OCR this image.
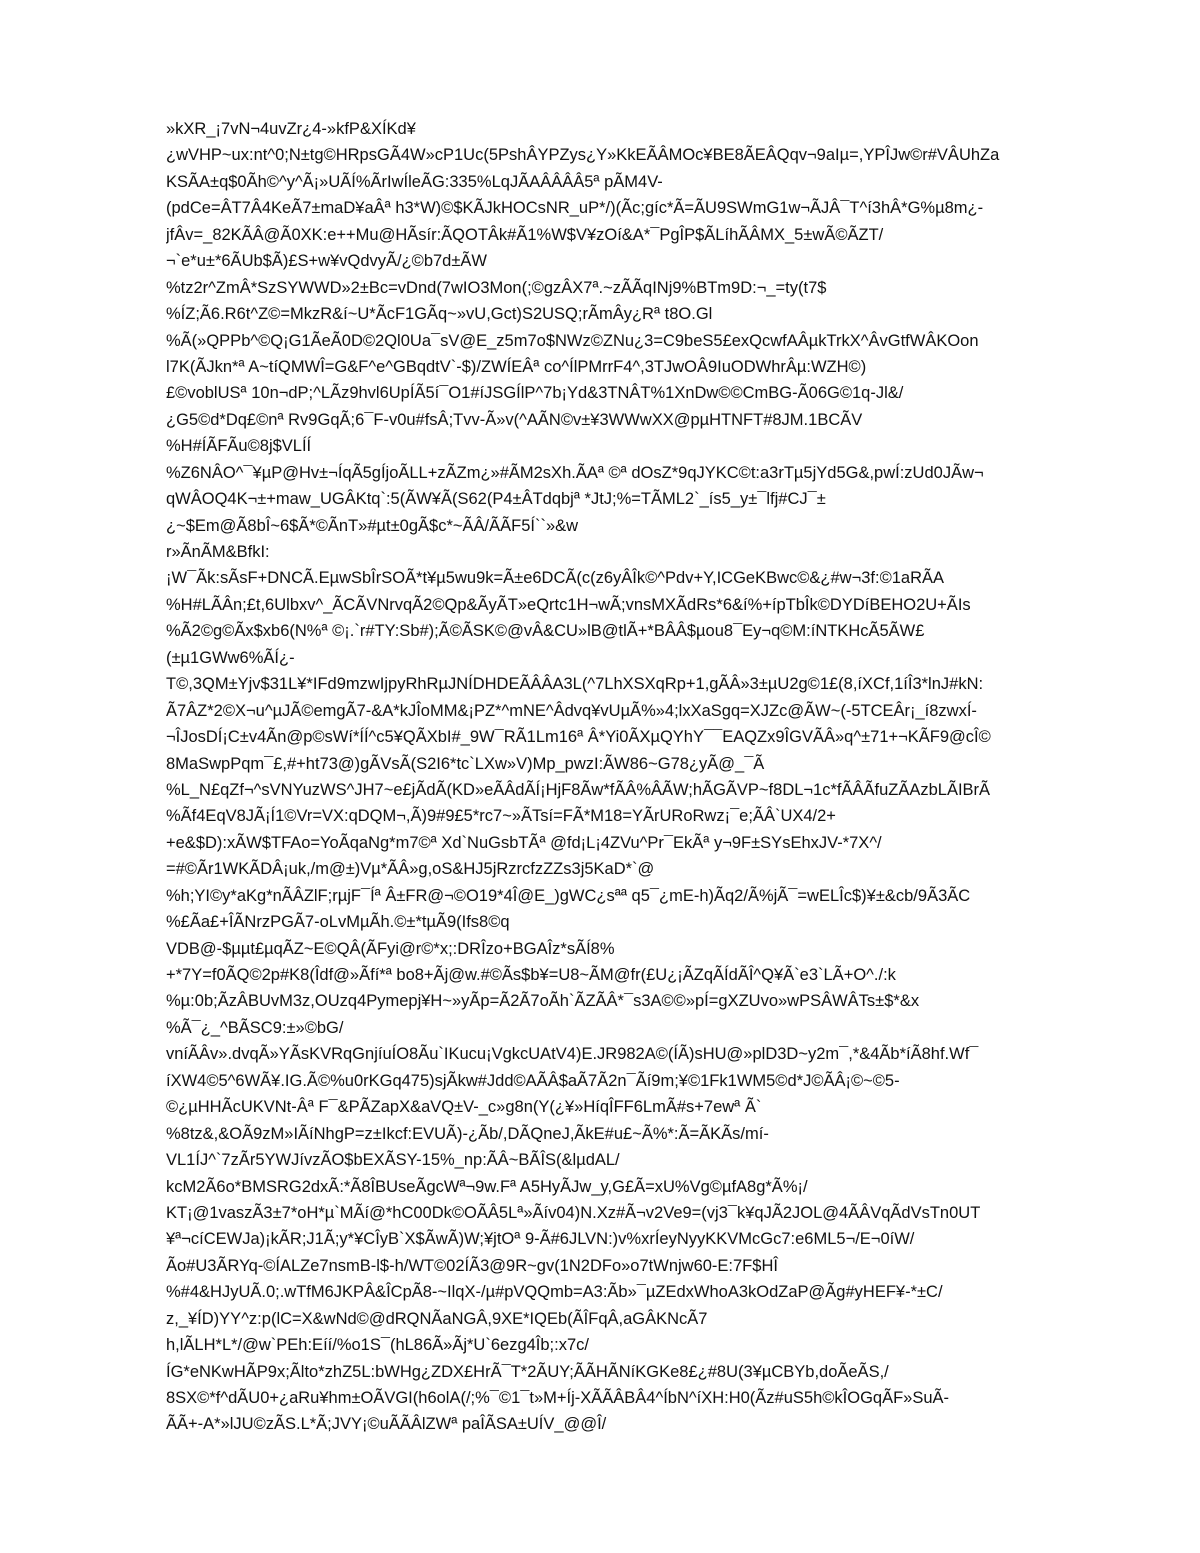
»kXR_¡7vN¬4uvZr¿4-»kfP&XÍKd¥
¿wVHP~ux:nt^0;N±tg©HRpsGÃ4W»cP1Uc(5PshÂYPZys¿Y»KkEÃÂMOc¥BE8ÃEÂQqv¬9aIµ=,YPÎJw©r#VÂUhZa
KSÃA±q$0Ãh©^y^Ã¡»UÃÍ%ÃrIwÍleÃG:335%LqJÃAÂÂÂÂ5ª pÃM4V-
(pdCe=ÂT7Â4KeÃ7±maD¥aÂª h3*W)©$KÃJkHOCsNR_uP*/)(Ãc;gíc*Ã=ÃU9SWmG1w¬ÃJÂ¯T^í3hÂ*G%µ8m¿-
jfÂv=_82KÃÂ@Ã0XK:e++Mu@HÃsír:ÃQOTÂk#Ã1%W$V¥zOí&A*¯PgÎP$ÃLíhÃÂMX_5±wÃ©ÃZT/
¬`e*u±*6ÃUb$Ã)£S+w¥vQdvyÃ/¿©b7d±ÃW
%tz2r^ZmÂ*SzSYWWD»2±Bc=vDnd(7wIO3Mon(;©gzÂX7ª.~zÃÃqINj9%BTm9D:¬_=ty(t7$
%ÍZ;Ã6.R6t^Z©=MkzR&í~U*ÃcF1GÃq~»vU,Gct)S2USQ;rÃmÂy¿Rª t8O.Gl
%Ã(»QPPb^©Q¡G1ÃeÃ0D©2Ql0Ua¯sV@E_z5m7o$NWz©ZNu¿3=C9beS5£exQcwfAÂµkTrkX^ÂvGtfWÂKOon
l7K(ÃJkn*ª A~tíQMWÎ=G&F^e^GBqdtV`-$)/ZWÍEÂª co^ÍlPMrrF4^,3TJwOÂ9IuODWhrÂµ:WZH©)
£©voblUSª 10n¬dP;^LÃz9hvl6UpÍÃ5í¯O1#íJSGÍlP^7b¡Yd&3TNÂT%1XnDw©©CmBG-Ã06G©1q-Jl&/
¿G5©d*Dq£©nª Rv9GqÃ;6¯F-v0u#fsÂ;Tvv-Ã»v(^AÃN©v±¥3WWwXX@pµHTNFT#8JM.1BCÃV
%H#ÍÃFÃu©8j$VLÍÍ
%Z6NÂO^¯¥µP@Hv±¬ÍqÃ5gÍjoÃLL+zÃZm¿»#ÃM2sXh.ÃAª ©ª dOsZ*9qJYKC©t:a3rTµ5jYd5G&,pwÍ:zUd0JÃw¬
qWÂOQ4K¬±+maw_UGÂKtq`:5(ÃW¥Ã(S62(P4±ÂTdqbjª *JtJ;%=TÃML2`_ís5_y±¯lfj#CJ¯±
¿~$Em@Ã8bÎ~6$Ã*©ÃnT»#µt±0gÃ$c*~ÃÂ/ÃÃF5Í``»&w
r»ÃnÃM&BfkI:
¡W¯Ãk:sÃsF+DNCÃ.EµwSbÎrSOÃ*t¥µ5wu9k=Ã±e6DCÃ(c(z6yÂÎk©^Pdv+Y,ICGeKBwc©&¿#w¬3f:©1aRÃA
%H#LÃÂn;£t,6Ulbxv^_ÃCÃVNrvqÃ2©Qp&ÃyÃT»eQrtc1H¬wÃ;vnsMXÃdRs*6&í%+ípTbÎk©DYDíBEHO2U+ÃIs
%Ã2©g©Ãx$xb6(N%ª ©¡.`r#TY:Sb#);Ã©ÃSK©@vÂ&CU»lB@tlÃ+*BÂÂ$µou8¯Ey¬q©M:íNTKHcÃ5ÃW£
(±µ1GWw6%ÃÍ¿-
T©,3QM±Yjv$31L¥*IFd9mzwIjpyRhRµJNÍDHDEÃÂÂA3L(^7LhXSXqRp+1,gÃÂ»3±µU2g©1£(8,íXCf,1íÎ3*lnJ#kN:
Ã7ÂZ*2©X¬u^µJÃ©emgÃ7-&A*kJÎoMM&¡PZ*^mNE^Âdvq¥vUµÃ%»4;lxXaSgq=XJZc@ÃW~(-5TCEÂr¡_í8zwxÍ-
¬ÎJosDÍ¡C±v4Ãn@p©sWí*ÍÍ^c5¥QÃXbI#_9W¯RÃ1Lm16ª Â*Yi0ÃXµQYhY¯¯EAQZx9ÎGVÃÂ»q^±71+¬KÃF9@cÎ©
8MaSwpPqm¯£,#+ht73@)gÃVsÃ(S2I6*tc`LXw»V)Mp_pwzI:ÃW86~G78¿yÃ@_¯Ã
%L_N£qZf¬^sVNYuzWS^JH7~e£jÃdÃ(KD»eÃÂdÃÍ¡HjF8Ãw*fÃÂ%ÂÃW;hÃGÃVP~f8DL¬1c*fÃÂÃfuZÃAzbLÃIBrÃ
%Ãf4EqV8JÃ¡Í1©Vr=VX:qDQM¬,Ã)9#9£5*rc7~»ÃTsí=FÃ*M18=YÃrURoRwz¡¯e;ÃÂ`UX4/2+
+e&$D):xÃW$TFAo=YoÃqaNg*m7©ª Xd`NuGsbTÃª @fd¡L¡4ZVu^Pr¯EkÃª y¬9F±SYsEhxJV-*7X^/
=#©Ãr1WKÃDÂ¡uk,/m@±)Vµ*ÃÂ»g,oS&HJ5jRzrcfzZZs3j5KaD*`@
%h;YI©y*aKg*nÃÂZlF;rµjF¯Íª Â±FR@¬©O19*4Î@E_)gWC¿sªª q5¯¿mE-h)Ãq2/Ã%jÃ¯=wELÎc$)¥±&cb/9Ã3ÃC
%£Ãa£+ÎÃNrzPGÃ7-oLvMµÃh.©±*tµÃ9(Ifs8©q
VDB@-$µµt£µqÃZ~E©QÂ(ÃFyi@r©*x;:DRÎzo+BGAÎz*sÃÍ8%
+*7Y=f0ÃQ©2p#K8(Îdf@»Ãfí*ª bo8+Ãj@w.#©Ãs$b¥=U8~ÃM@fr(£U¿¡ÃZqÃÍdÃÎ^Q¥Ã`e3`LÃ+O^./:k
%µ:0b;ÃzÂBUvM3z,OUzq4Pymepj¥H~»yÃp=Ã2Ã7oÃh`ÃZÃÂ*¯s3A©©»pÍ=gXZUvo»wPSÂWÂTs±$*&x
%Ã¯¿_^BÃSC9:±»©bG/
vníÃÂv».dvqÃ»YÃsKVRqGnjíuÍO8Ãu`IKucu¡VgkcUAtV4)E.JR982A©(ÍÃ)sHU@»plD3D~y2m¯,*&4Ãb*íÃ8hf.Wf¯
íXW4©5^6WÃ¥.IG.Ã©%u0rKGq475)sjÃkw#Jdd©AÃÂ$aÃ7Ã2n¯Ãí9m;¥©1Fk1WM5©d*J©ÃÂ¡©~©5-
©¿µHHÃcUKVNt-Âª F¯&PÃZapX&aVQ±V-_c»g8n(Y(¿¥»HíqÎFF6LmÃ#s+7ewª Ã`
%8tz&,&OÃ9zM»IÃíNhgP=z±Ikcf:EVUÃ)-¿Ãb/,DÃQneJ,ÃkE#u£~Ã%*:Ã=ÃKÃs/mí-
VL1ÍJ^`7zÃr5YWJívzÃO$bEXÃSY-15%_np:ÃÂ~BÃÎS(&lµdAL/
kcM2Ã6o*BMSRG2dxÃ:*Ã8ÎBUseÃgcWª¬9w.Fª A5HyÃJw_y,G£Ã=xU%Vg©µfA8g*Ã%¡/
KT¡@1vaszÃ3±7*oH*µ`MÃí@*hC00Dk©OÃÂ5Lª»Ãív04)N.Xz#Ã¬v2Ve9=(vj3¯k¥qJÃ2JOL@4ÃÂVqÃdVsTn0UT
¥ª¬cíCEWJa)¡kÃR;J1Ã;y*¥CÎyB`X$ÃwÃ)W;¥jtOª 9-Ã#6JLVN:)v%xrÍeyNyyKKVMcGc7:e6ML5¬/E¬0íW/
Ão#U3ÃRYq-©ÍALZe7nsmB-l$-h/WT©02ÍÃ3@9R~gv(1N2DFo»o7tWnjw60-E:7F$HÎ
%#4&HJyUÃ.0;.wTfM6JKPÂ&ÎCpÃ8-~IlqX-/µ#pVQQmb=A3:Ãb»¯µZEdxWhoA3kOdZaP@Ãg#yHEF¥-*±C/
z,_¥ÍD)YY^z:p(lC=X&wNd©@dRQNÃaNGÂ,9XE*IQEb(ÃÎFqÂ,aGÂKNcÃ7
h,lÃLH*L*/@w`PEh:Eíí/%o1S¯(hL86Ã»Ãj*U`6ezg4Îb;:x7c/
ÍG*eNKwHÃP9x;Ãlto*zhZ5L:bWHg¿ZDX£HrÃ¯T*2ÃUY;ÃÃHÃNíKGKe8£¿#8U(3¥µCBYb,doÃeÃS,/
8SX©*f^dÃU0+¿aRu¥hm±OÃVGI(h6olA(/;%¯©1¯t»M+Íj-XÃÃÂBÂ4^ÍbN^íXH:H0(Ãz#uS5h©kÎOGqÃF»SuÃ-
ÃÃ+-A*»lJU©zÃS.L*Ã;JVY¡©uÃÃÂlZWª paÎÃSA±UÍV_@@Î/
